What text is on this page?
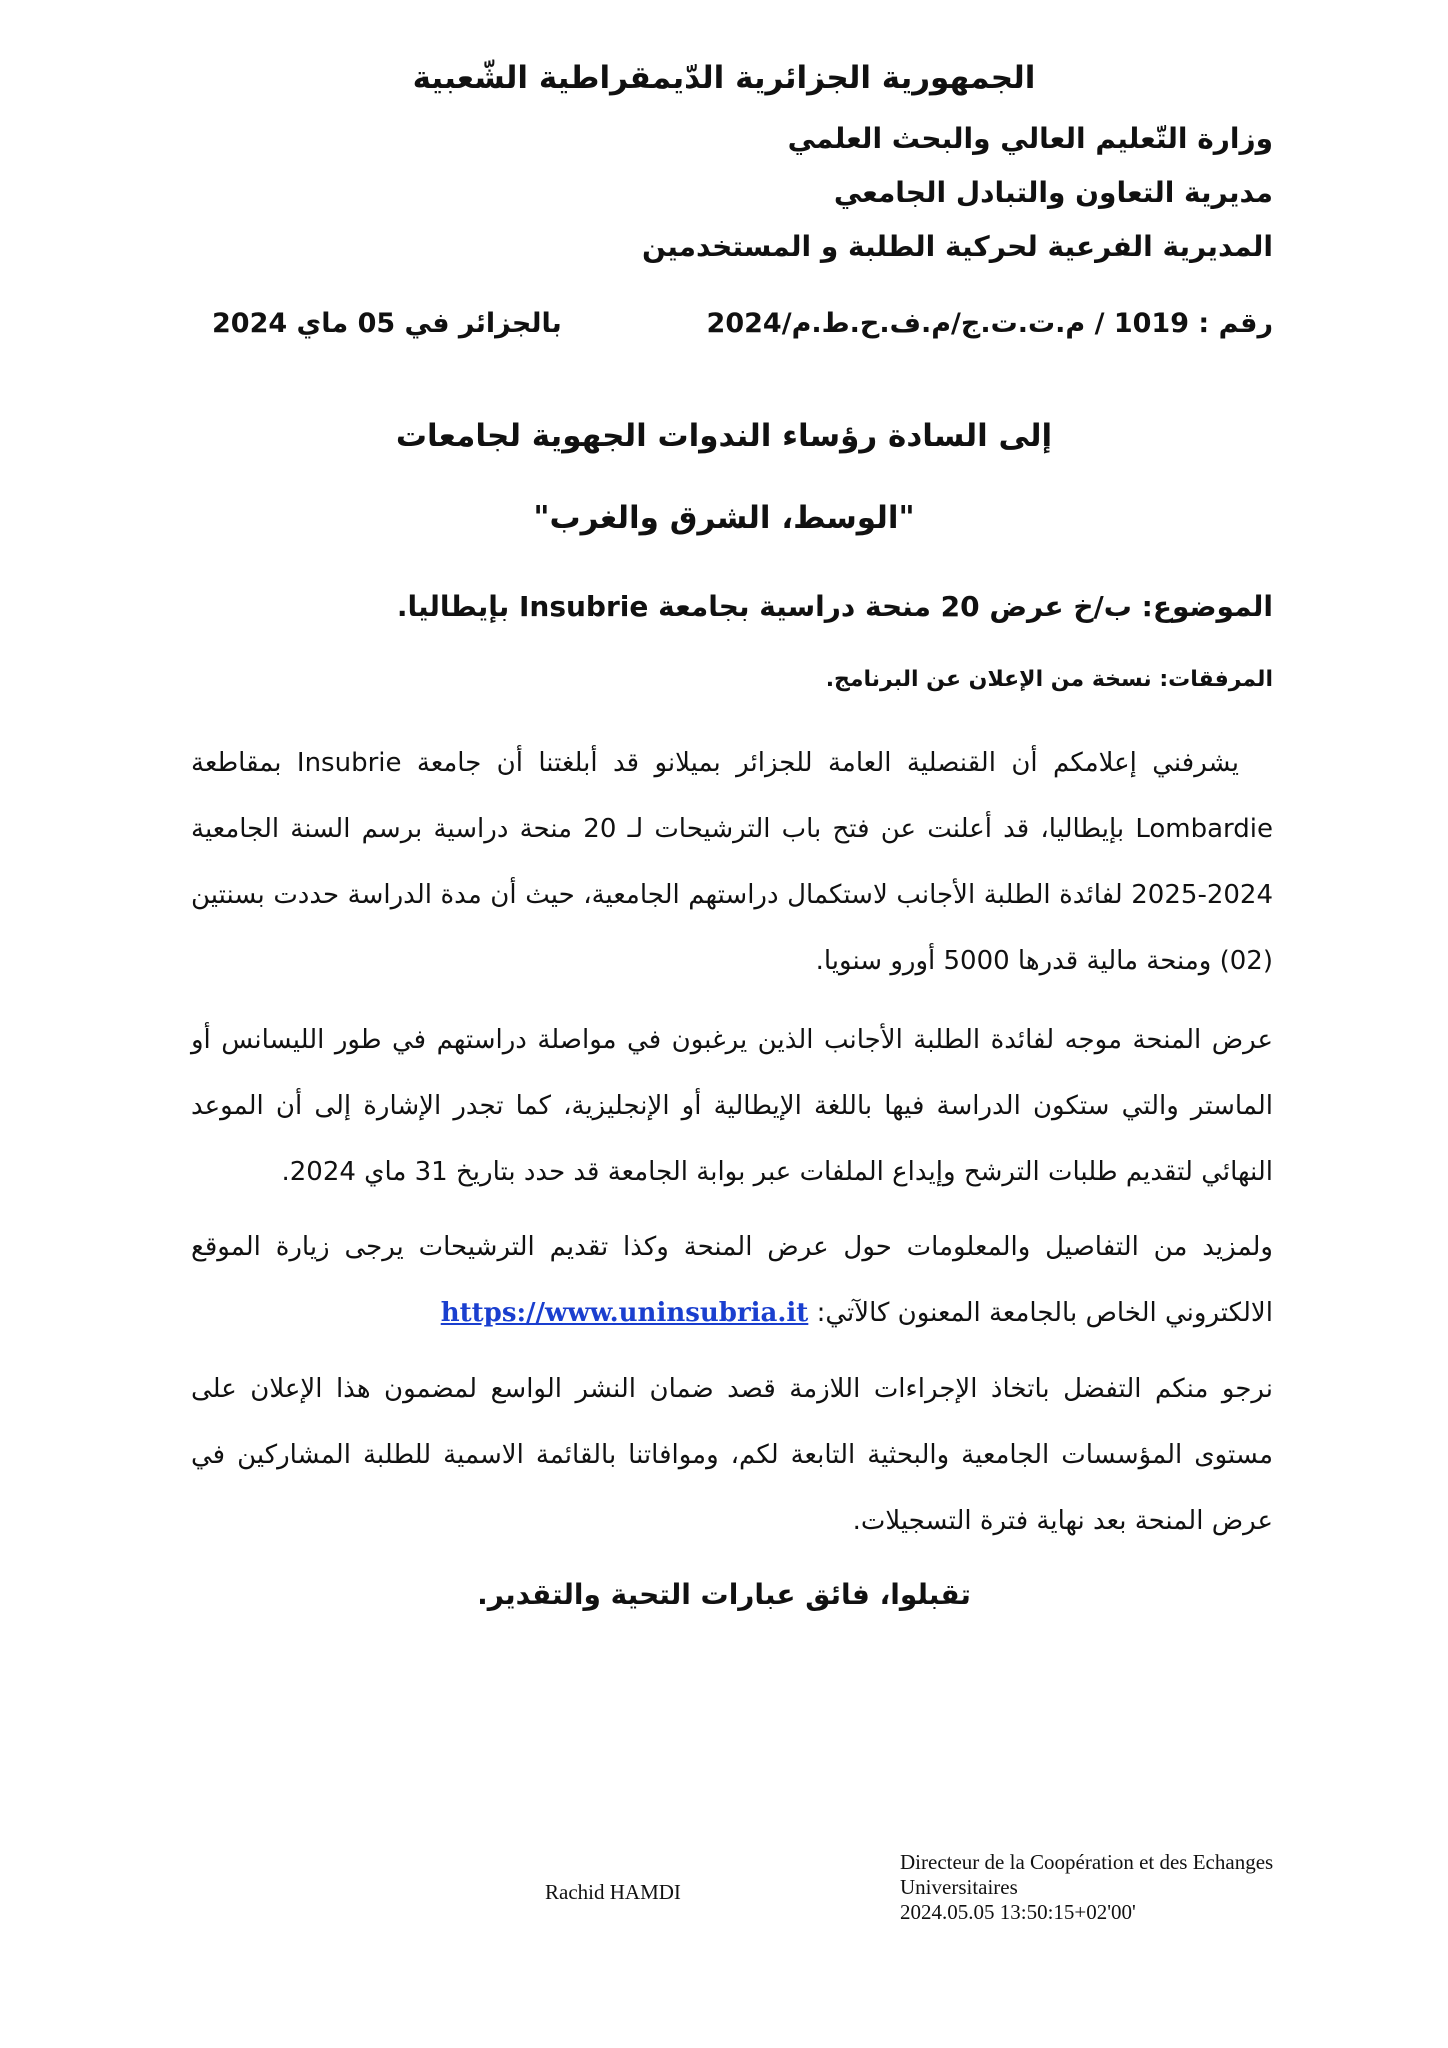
الجمهورية الجزائرية الدّيمقراطية الشّعبية
وزارة التّعليم العالي والبحث العلمي
مديرية التعاون والتبادل الجامعي
المديرية الفرعية لحركية الطلبة و المستخدمين
رقم : 1019 / م.ت.ت.ج/م.ف.ح.ط.م/2024
بالجزائر في 05 ماي 2024
إلى السادة رؤساء الندوات الجهوية لجامعات
"الوسط، الشرق والغرب"
الموضوع: ب/خ عرض 20 منحة دراسية بجامعة Insubrie بإيطاليا.
المرفقات: نسخة من الإعلان عن البرنامج.
يشرفني إعلامكم أن القنصلية العامة للجزائر بميلانو قد أبلغتنا أن جامعة Insubrie بمقاطعة Lombardie بإيطاليا، قد أعلنت عن فتح باب الترشيحات لـ 20 منحة دراسية برسم السنة الجامعية 2024-2025 لفائدة الطلبة الأجانب لاستكمال دراستهم الجامعية، حيث أن مدة الدراسة حددت بسنتين (02) ومنحة مالية قدرها 5000 أورو سنويا.
عرض المنحة موجه لفائدة الطلبة الأجانب الذين يرغبون في مواصلة دراستهم في طور الليسانس أو الماستر والتي ستكون الدراسة فيها باللغة الإيطالية أو الإنجليزية، كما تجدر الإشارة إلى أن الموعد النهائي لتقديم طلبات الترشح وإيداع الملفات عبر بوابة الجامعة قد حدد بتاريخ 31 ماي 2024.
ولمزيد من التفاصيل والمعلومات حول عرض المنحة وكذا تقديم الترشيحات يرجى زيارة الموقع الالكتروني الخاص بالجامعة المعنون كالآتي: https://www.uninsubria.it
نرجو منكم التفضل باتخاذ الإجراءات اللازمة قصد ضمان النشر الواسع لمضمون هذا الإعلان على مستوى المؤسسات الجامعية والبحثية التابعة لكم، وموافاتنا بالقائمة الاسمية للطلبة المشاركين في عرض المنحة بعد نهاية فترة التسجيلات.
تقبلوا، فائق عبارات التحية والتقدير.
Rachid HAMDI
Directeur de la Coopération et des Echanges
Universitaires
2024.05.05 13:50:15+02'00'
